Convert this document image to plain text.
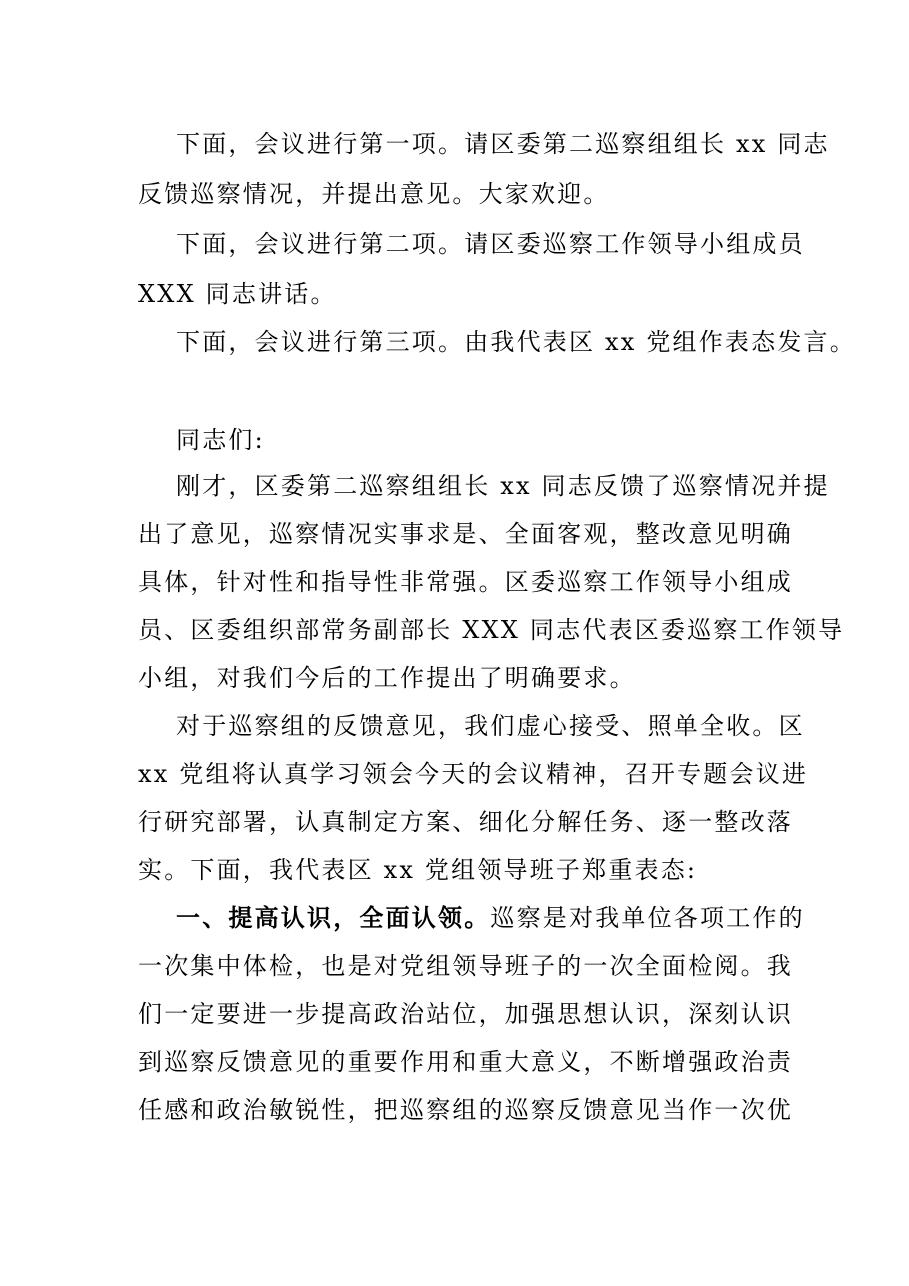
下面，会议进行第一项。请区委第二巡察组组长 xx 同志
反馈巡察情况，并提出意见。大家欢迎。
下面，会议进行第二项。请区委巡察工作领导小组成员
XXX 同志讲话。
下面，会议进行第三项。由我代表区 xx 党组作表态发言。
同志们:
刚才，区委第二巡察组组长 xx 同志反馈了巡察情况并提
出了意见，巡察情况实事求是、全面客观，整改意见明确
具体，针对性和指导性非常强。区委巡察工作领导小组成
员、区委组织部常务副部长 XXX 同志代表区委巡察工作领导
小组，对我们今后的工作提出了明确要求。
对于巡察组的反馈意见，我们虚心接受、照单全收。区
xx 党组将认真学习领会今天的会议精神，召开专题会议进
行研究部署，认真制定方案、细化分解任务、逐一整改落
实。下面，我代表区 xx 党组领导班子郑重表态:
一、提高认识，全面认领。巡察是对我单位各项工作的
一次集中体检，也是对党组领导班子的一次全面检阅。我
们一定要进一步提高政治站位，加强思想认识，深刻认识
到巡察反馈意见的重要作用和重大意义，不断增强政治责
任感和政治敏锐性，把巡察组的巡察反馈意见当作一次优
